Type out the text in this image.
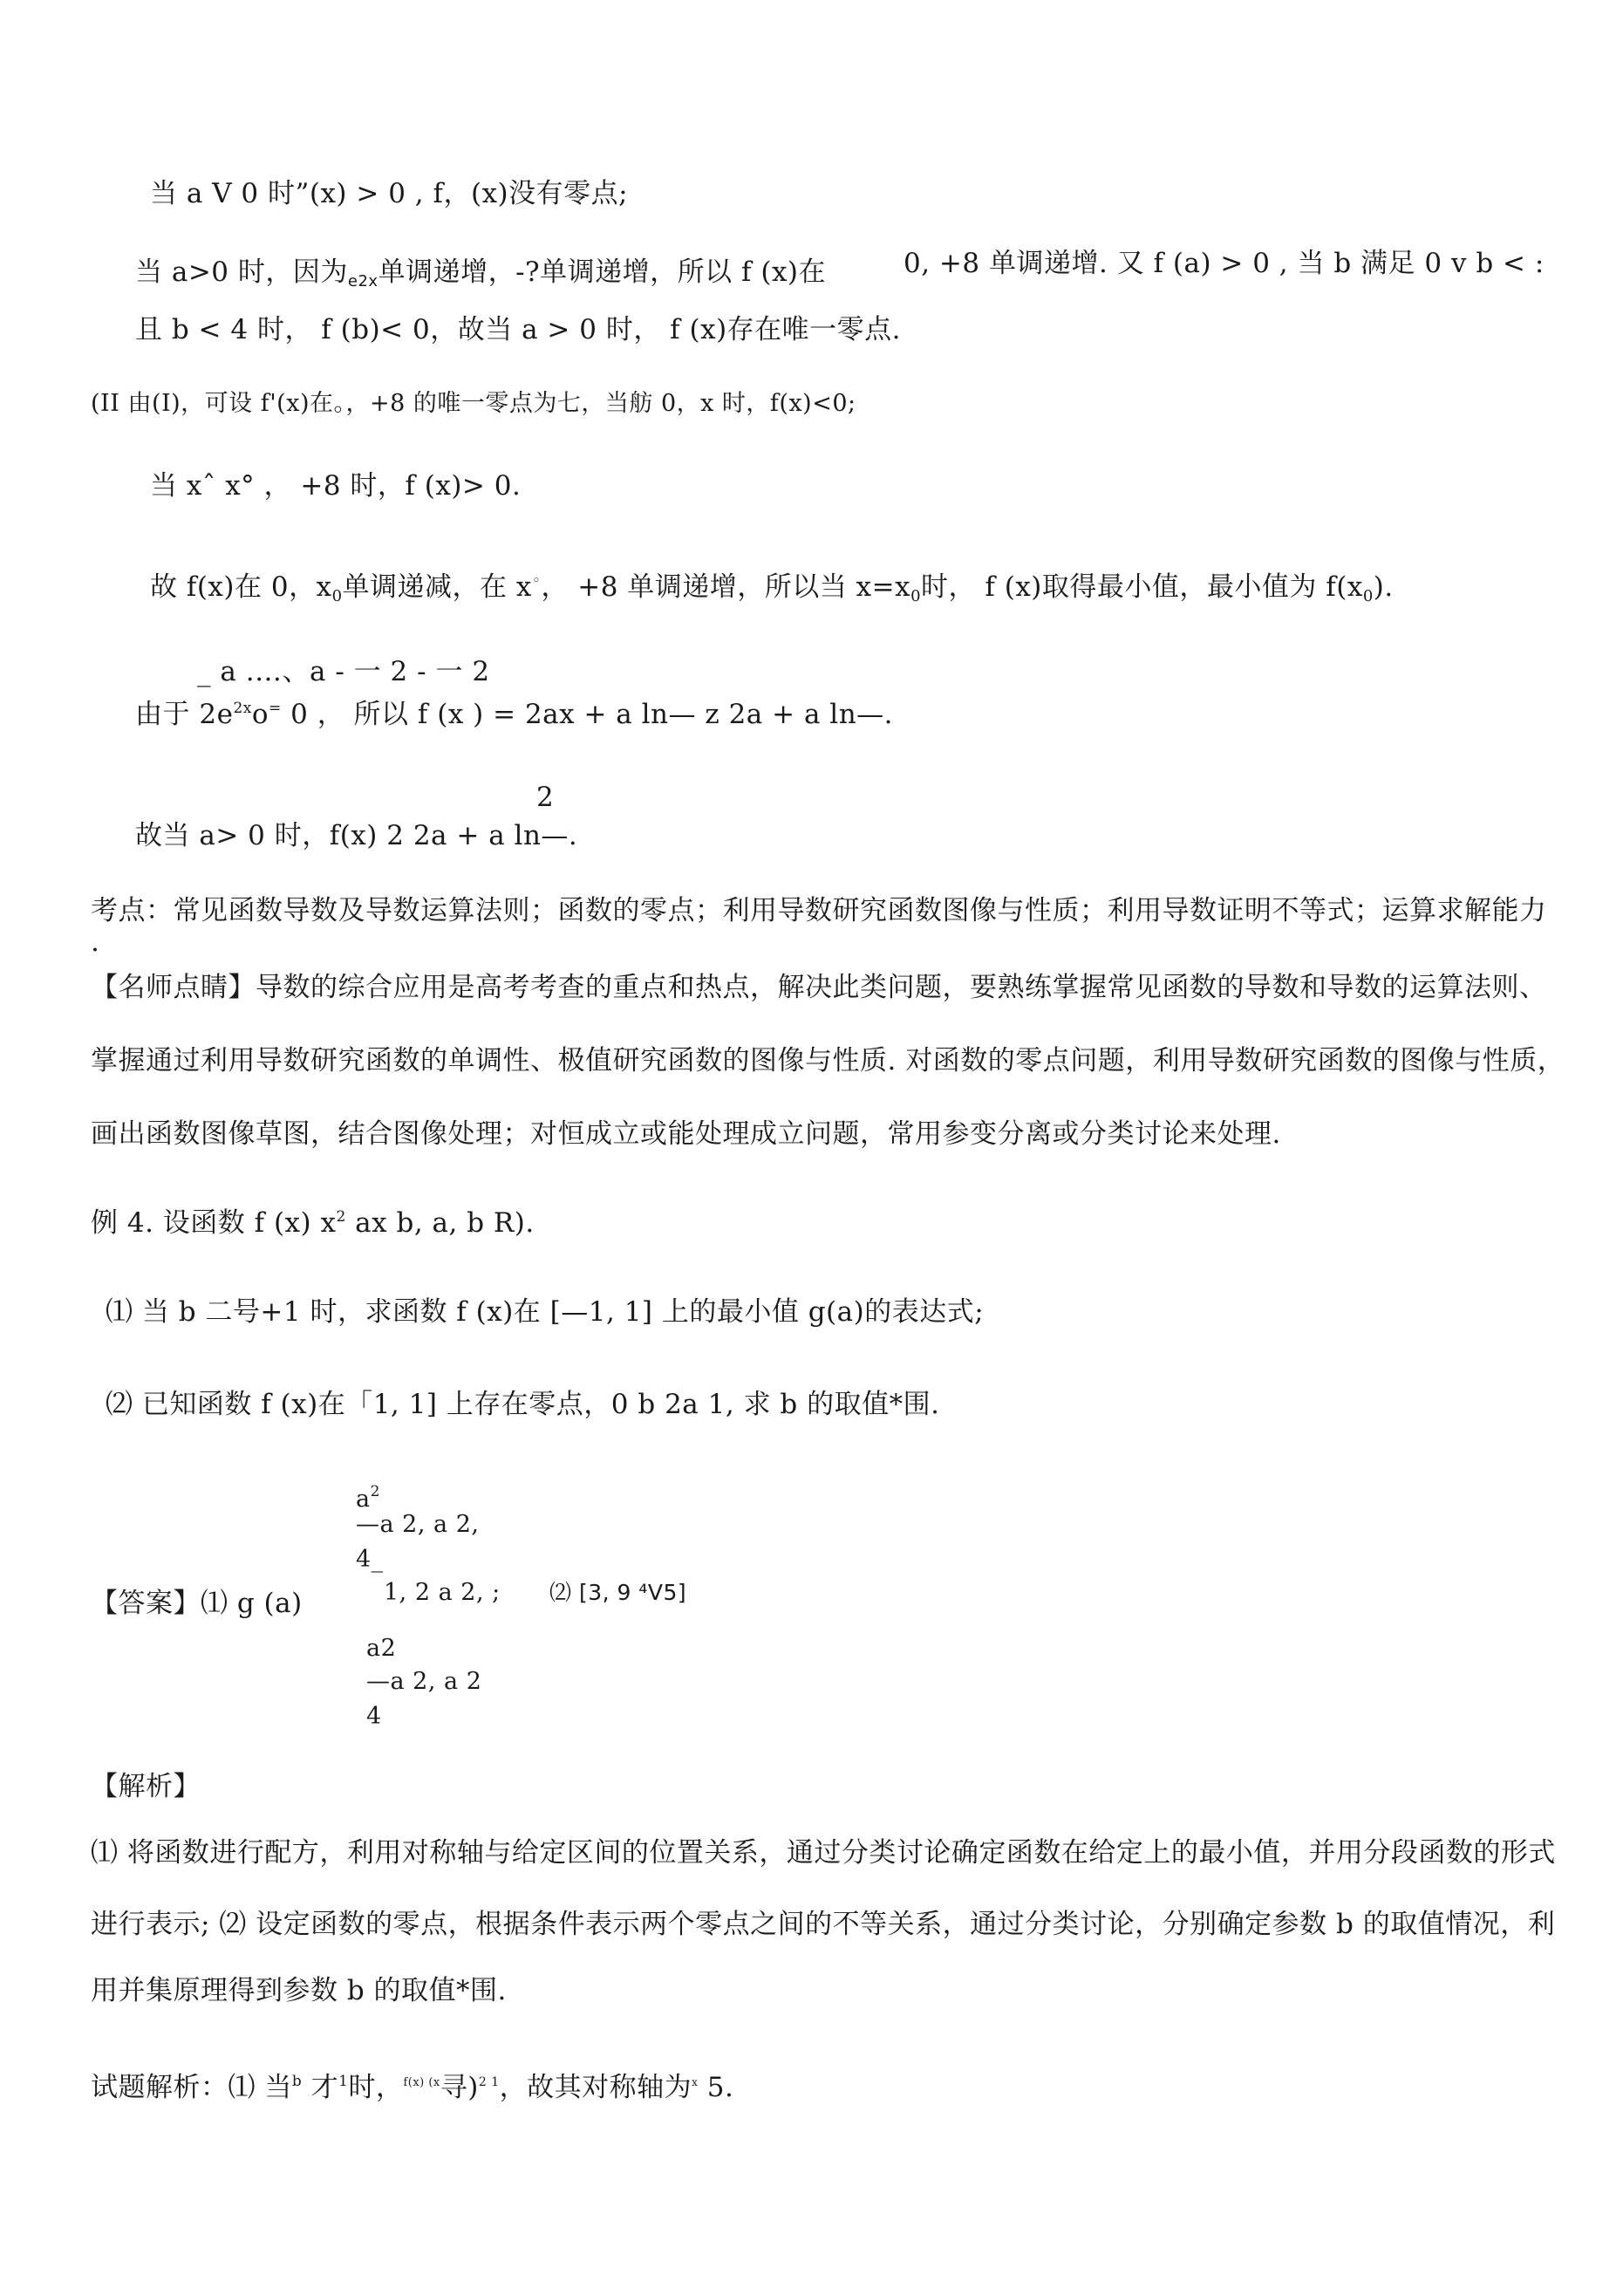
当 a V 0 时”(x) > 0 , f，(x)没有零点;
当 a>0 时，因为$_{e2x}$单调递增，-?单调递增，所以 f (x)在	0, +8 单调递增. 又 f (a) > 0 , 当 b 满足 0 v b < :
且 b < 4 时， f (b)< 0，故当 a > 0 时， f (x)存在唯一零点.
(II 由(I)，可设 f'(x)在。，+8 的唯一零点为七，当舫 0，x 时，f(x)<0;
当 xˆ x° ， +8 时，f (x)> 0.
故 f(x)在 0，$x_0$单调递减，在 x◦， +8 单调递增，所以当 $x=x_0$时， f (x)取得最小值，最小值为 $f(x_0)$.
_ a .…、a - 一 2 - 一 2
由于 $2e^{2x}o^=$ 0 ， 所以 f (x ) = 2ax + a ln— z 2a + a ln—.
2
故当 a> 0 时，f(x) 2 2a + a ln—.
考点：常见函数导数及导数运算法则；函数的零点；利用导数研究函数图像与性质；利用导数证明不等式；运算求解能力
.
【名师点睛】导数的综合应用是高考考查的重点和热点，解决此类问题，要熟练掌握常见函数的导数和导数的运算法则、
掌握通过利用导数研究函数的单调性、极值研究函数的图像与性质. 对函数的零点问题，利用导数研究函数的图像与性质，
画出函数图像草图，结合图像处理；对恒成立或能处理成立问题，常用参变分离或分类讨论来处理.
例 4. 设函数 f (x) $x^2$ ax b, a, b R).
⑴ 当 b 二号+1 时，求函数 f (x)在 [—1, 1] 上的最小值 g(a)的表达式;
⑵ 已知函数 f (x)在「1, 1] 上存在零点，0 b 2a 1, 求 b 的取值*围.
$a^2$
—a 2, a 2,
4_
【答案】⑴ g (a)	1, 2 a 2, ; ⑵ [3, 9 ⁴V5]
a2
—a 2, a 2
4
【解析】
⑴ 将函数进行配方，利用对称轴与给定区间的位置关系，通过分类讨论确定函数在给定上的最小值，并用分段函数的形式
进行表示; ⑵ 设定函数的零点，根据条件表示两个零点之间的不等关系，通过分类讨论，分别确定参数 b 的取值情况，利
用并集原理得到参数 b 的取值*围.
试题解析：⑴ 当$^b$ 才$^1$时，$^{f(x) (x}$寻)$^{2 1}$，故其对称轴为$^x$ 5.
